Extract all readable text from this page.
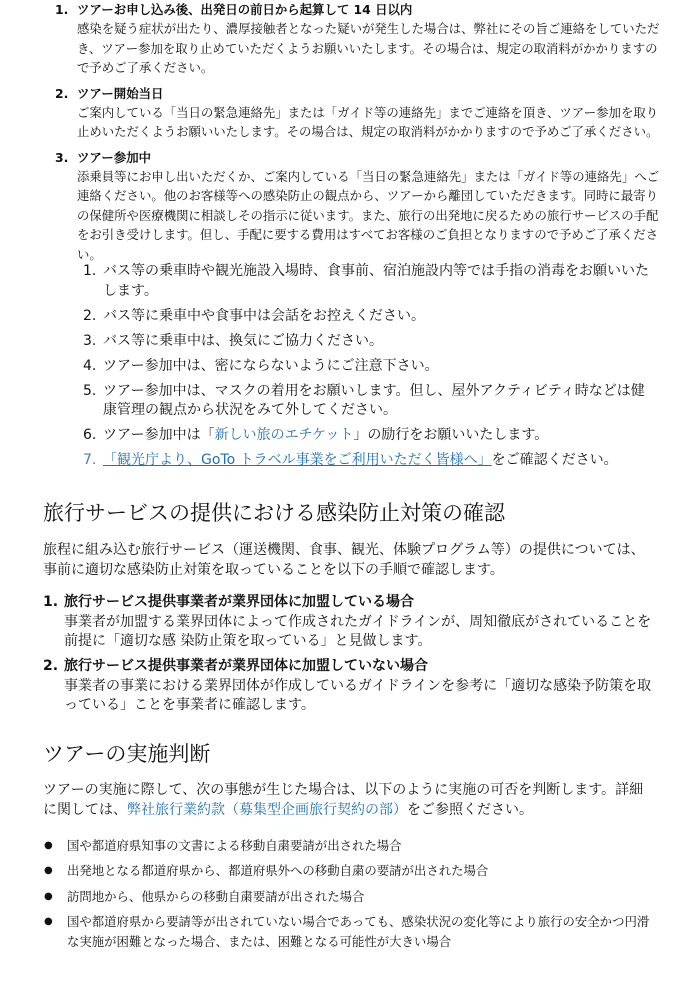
1. ツアーお申し込み後、出発日の前日から起算して 14 日以内
感染を疑う症状が出たり、濃厚接触者となった疑いが発生した場合は、弊社にその旨ご連絡をしていただき、ツアー参加を取り止めていただくようお願いいたします。その場合は、規定の取消料がかかりますので予めご了承ください。
2. ツアー開始当日
ご案内している「当日の緊急連絡先」または「ガイド等の連絡先」までご連絡を頂き、ツアー参加を取り止めいただくようお願いいたします。その場合は、規定の取消料がかかりますので予めご了承ください。
3. ツアー参加中
添乗員等にお申し出いただくか、ご案内している「当日の緊急連絡先」または「ガイド等の連絡先」へご連絡ください。他のお客様等への感染防止の観点から、ツアーから離団していただきます。同時に最寄りの保健所や医療機関に相談しその指示に従います。また、旅行の出発地に戻るための旅行サービスの手配をお引き受けします。但し、手配に要する費用はすべてお客様のご負担となりますので予めご了承ください。
1. バス等の乗車時や観光施設入場時、食事前、宿泊施設内等では手指の消毒をお願いいたします。
2. バス等に乗車中や食事中は会話をお控えください。
3. バス等に乗車中は、換気にご協力ください。
4. ツアー参加中は、密にならないようにご注意下さい。
5. ツアー参加中は、マスクの着用をお願いします。但し、屋外アクティビティ時などは健康管理の観点から状況をみて外してください。
6. ツアー参加中は「新しい旅のエチケット」の励行をお願いいたします。
7. 「観光庁より、GoTo トラベル事業をご利用いただく皆様へ」をご確認ください。
旅行サービスの提供における感染防止対策の確認

旅程に組み込む旅行サービス（運送機関、食事、観光、体験プログラム等）の提供については、事前に適切な感染防止対策を取っていることを以下の手順で確認します。

1. 旅行サービス提供事業者が業界団体に加盟している場合
事業者が加盟する業界団体によって作成されたガイドラインが、周知徹底がされていることを前提に「適切な感 染防止策を取っている」と見做します。
2. 旅行サービス提供事業者が業界団体に加盟していない場合
事業者の事業における業界団体が作成しているガイドラインを参考に「適切な感染予防策を取っている」ことを事業者に確認します。
ツアーの実施判断

ツアーの実施に際して、次の事態が生じた場合は、以下のように実施の可否を判断します。詳細に関しては、弊社旅行業約款（募集型企画旅行契約の部）をご参照ください。

● 国や都道府県知事の文書による移動自粛要請が出された場合
● 出発地となる都道府県から、都道府県外への移動自粛の要請が出された場合
● 訪問地から、他県からの移動自粛要請が出された場合
● 国や都道府県から要請等が出されていない場合であっても、感染状況の変化等により旅行の安全かつ円滑な実施が困難となった場合、または、困難となる可能性が大きい場合
